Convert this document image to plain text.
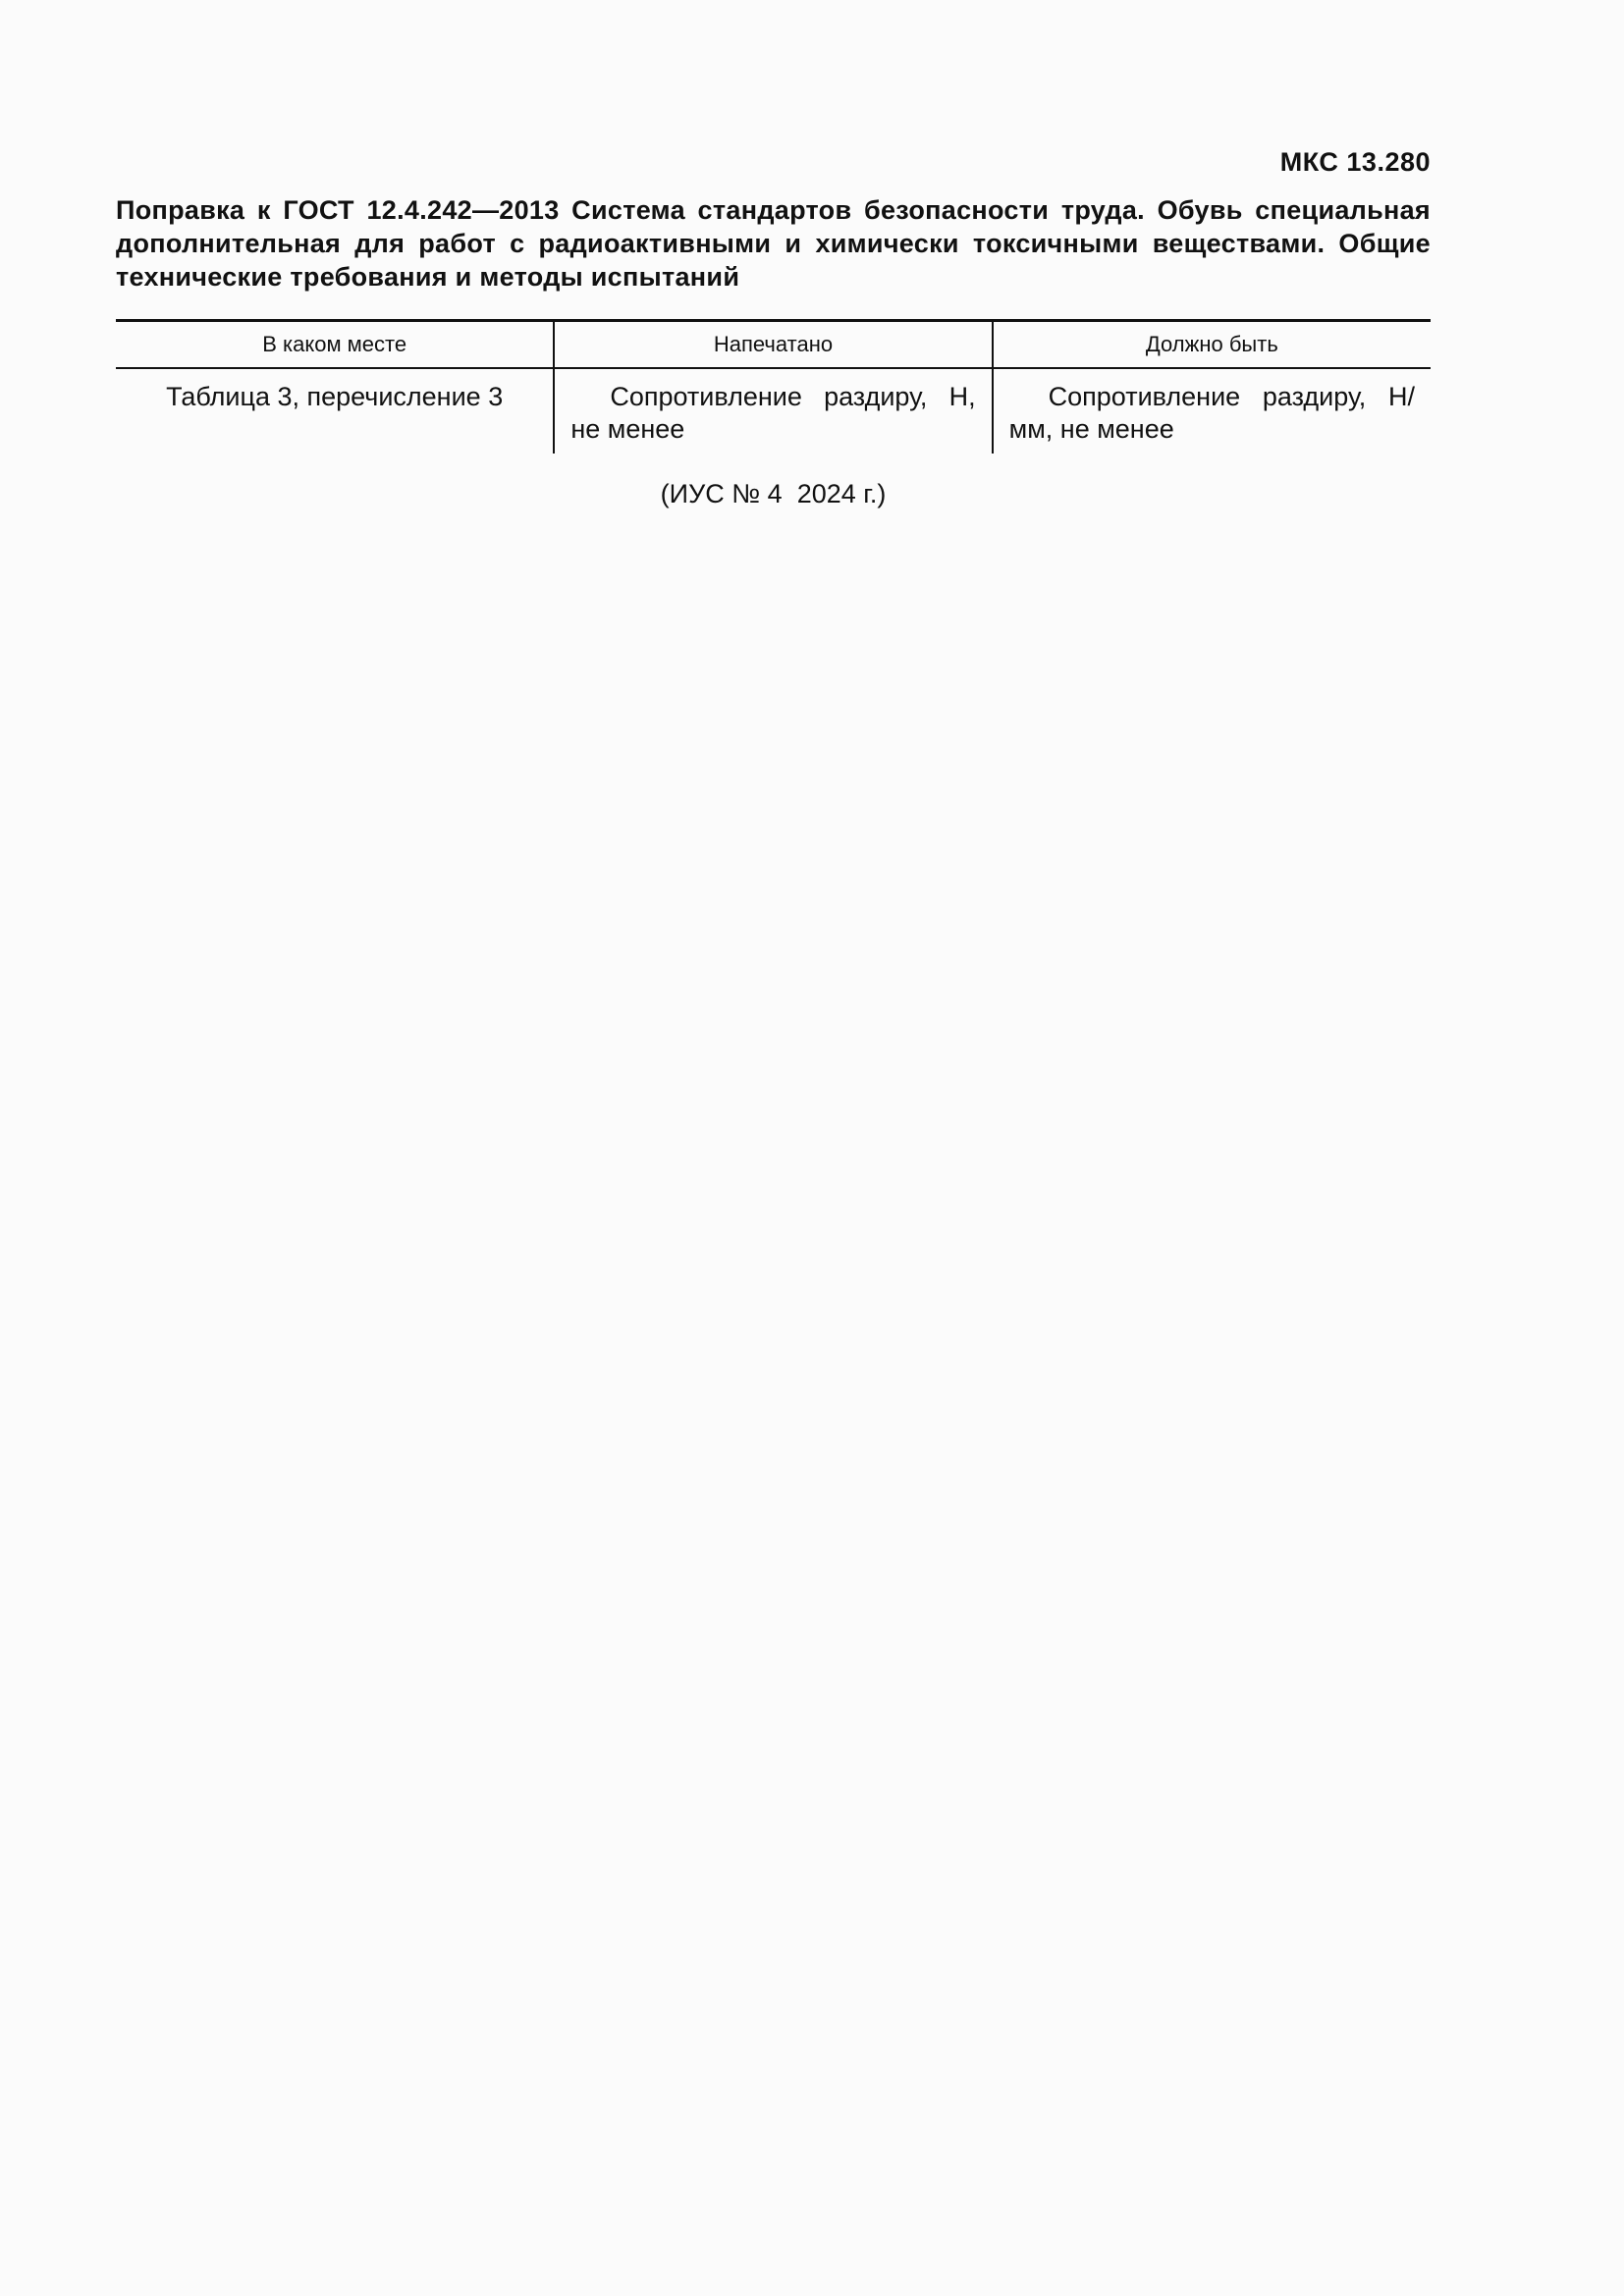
МКС 13.280
Поправка к ГОСТ 12.4.242—2013 Система стандартов безопасности труда. Обувь специальная дополнительная для работ с радиоактивными и химически токсичными веществами. Общие технические требования и методы испытаний
В каком месте	Напечатано	Должно быть
Таблица 3, перечисление 3	Сопротивление раздиру, Н, не менее	Сопротивление раздиру, Н/мм, не менее
(ИУС № 4  2024 г.)
